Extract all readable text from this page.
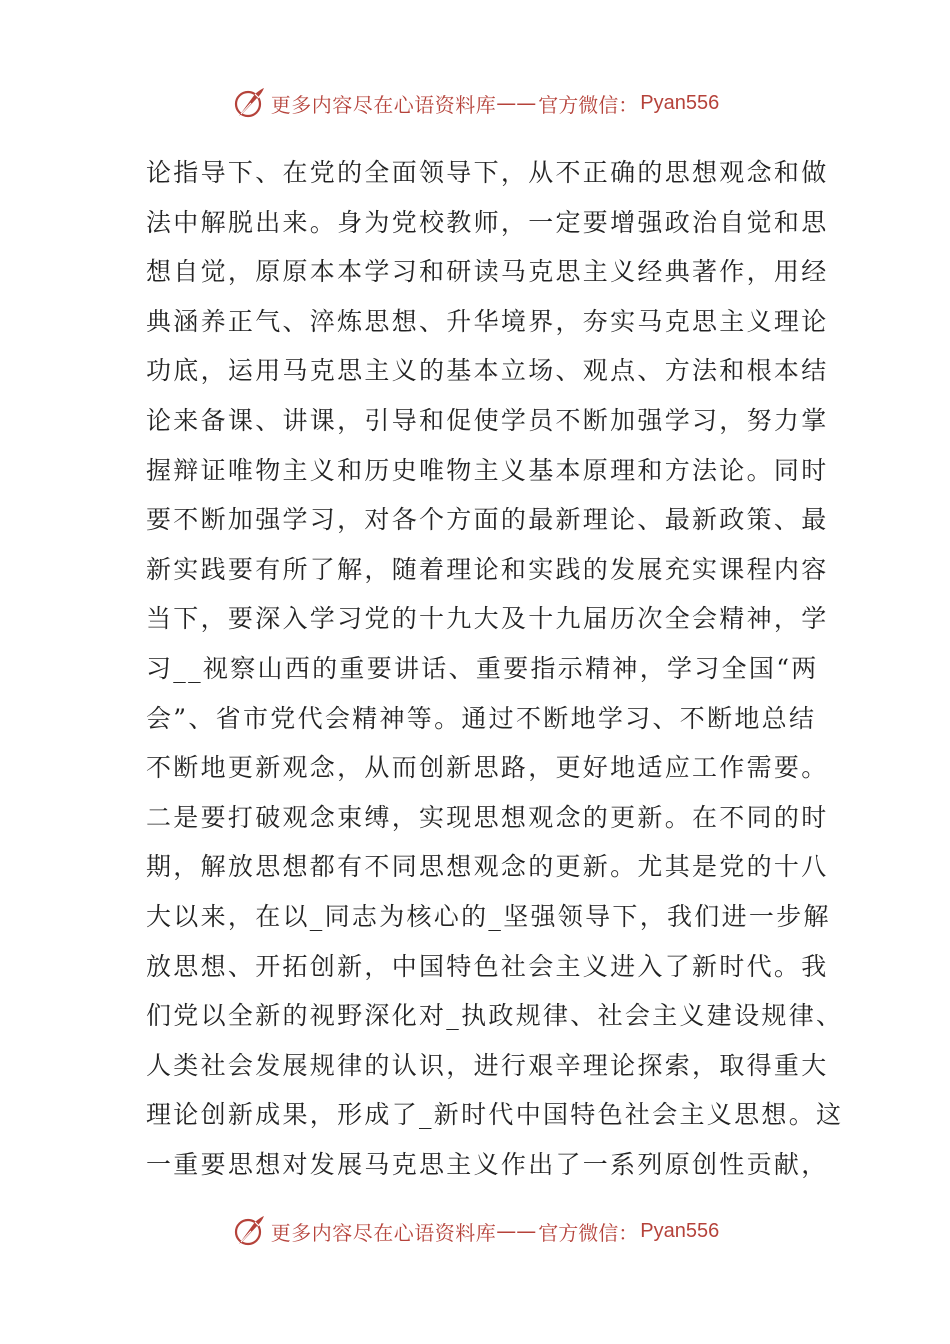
更多内容尽在心语资料库 —— 官方微信： Pyan556
论指导下、在党的全面领导下，从不正确的思想观念和做
法中解脱出来。身为党校教师，一定要增强政治自觉和思
想自觉，原原本本学习和研读马克思主义经典著作，用经
典涵养正气、淬炼思想、升华境界，夯实马克思主义理论
功底，运用马克思主义的基本立场、观点、方法和根本结
论来备课、讲课，引导和促使学员不断加强学习，努力掌
握辩证唯物主义和历史唯物主义基本原理和方法论。同时
要不断加强学习，对各个方面的最新理论、最新政策、最
新实践要有所了解，随着理论和实践的发展充实课程内容
当下，要深入学习党的十九大及十九届历次全会精神，学
习__视察山西的重要讲话、重要指示精神，学习全国“两
会”、省市党代会精神等。通过不断地学习、不断地总结
不断地更新观念，从而创新思路，更好地适应工作需要。
二是要打破观念束缚，实现思想观念的更新。在不同的时
期，解放思想都有不同思想观念的更新。尤其是党的十八
大以来，在以_同志为核心的_坚强领导下，我们进一步解
放思想、开拓创新，中国特色社会主义进入了新时代。我
们党以全新的视野深化对_执政规律、社会主义建设规律、
人类社会发展规律的认识，进行艰辛理论探索，取得重大
理论创新成果，形成了_新时代中国特色社会主义思想。这
一重要思想对发展马克思主义作出了一系列原创性贡献，
更多内容尽在心语资料库 —— 官方微信： Pyan556
